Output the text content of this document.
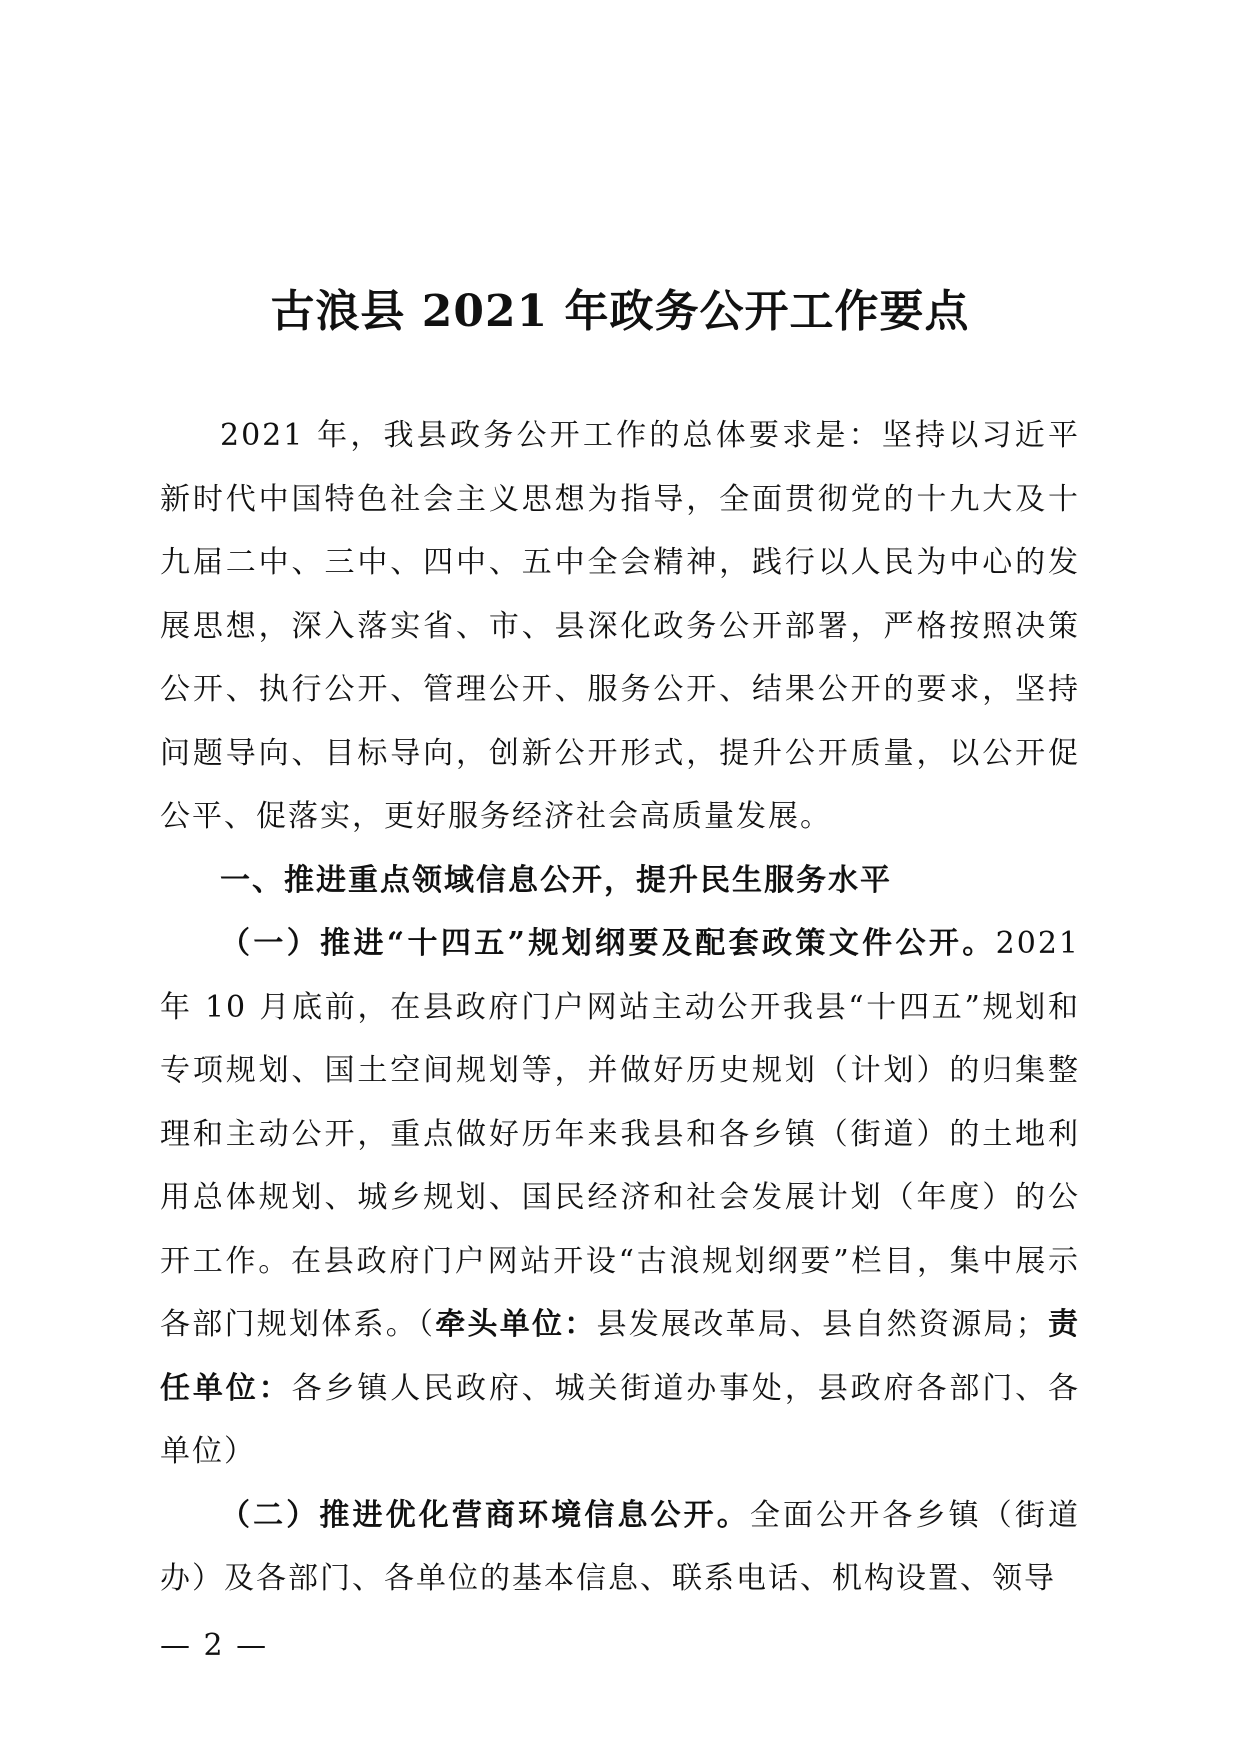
古浪县 2021 年政务公开工作要点

2021 年，我县政务公开工作的总体要求是：坚持以习近平新时代中国特色社会主义思想为指导，全面贯彻党的十九大及十九届二中、三中、四中、五中全会精神，践行以人民为中心的发展思想，深入落实省、市、县深化政务公开部署，严格按照决策公开、执行公开、管理公开、服务公开、结果公开的要求，坚持问题导向、目标导向，创新公开形式，提升公开质量，以公开促公平、促落实，更好服务经济社会高质量发展。

一、推进重点领域信息公开，提升民生服务水平

（一）推进“十四五”规划纲要及配套政策文件公开。2021 年 10 月底前，在县政府门户网站主动公开我县“十四五”规划和专项规划、国土空间规划等，并做好历史规划（计划）的归集整理和主动公开，重点做好历年来我县和各乡镇（街道）的土地利用总体规划、城乡规划、国民经济和社会发展计划（年度）的公开工作。在县政府门户网站开设“古浪规划纲要”栏目，集中展示各部门规划体系。（牵头单位：县发展改革局、县自然资源局；责任单位：各乡镇人民政府、城关街道办事处，县政府各部门、各单位）

（二）推进优化营商环境信息公开。全面公开各乡镇（街道办）及各部门、各单位的基本信息、联系电话、机构设置、领导

— 2 —
